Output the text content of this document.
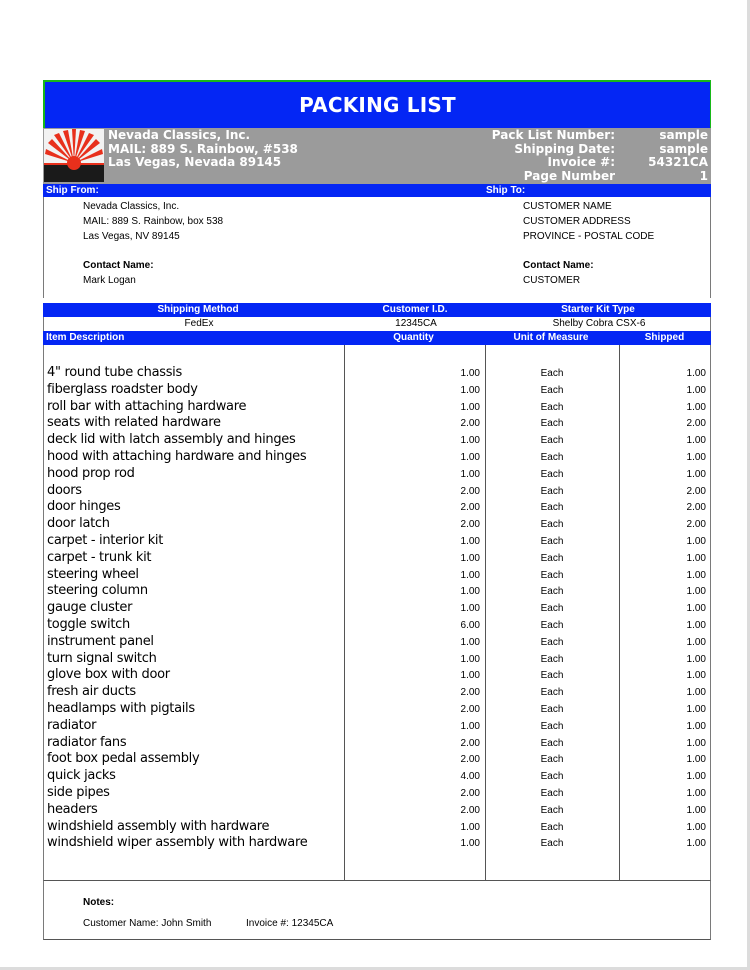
PACKING LIST
Nevada Classics, Inc.
MAIL: 889 S. Rainbow, #538
Las Vegas, Nevada 89145
Pack List Number:	sample
Shipping Date:	sample
Invoice #:	54321CA
Page Number	1
Ship From:	Ship To:
Nevada Classics, Inc.
MAIL: 889 S. Rainbow, box 538
Las Vegas, NV 89145
Contact Name:
Mark Logan
CUSTOMER NAME
CUSTOMER ADDRESS
PROVINCE - POSTAL CODE
Contact Name:
CUSTOMER
Shipping Method	Customer I.D.	Starter Kit Type
FedEx	12345CA	Shelby Cobra CSX-6
Item Description	Quantity	Unit of Measure	Shipped
4" round tube chassis	1.00	Each	1.00
fiberglass roadster body	1.00	Each	1.00
roll bar with attaching hardware	1.00	Each	1.00
seats with related hardware	2.00	Each	2.00
deck lid with latch assembly and hinges	1.00	Each	1.00
hood with attaching hardware and hinges	1.00	Each	1.00
hood prop rod	1.00	Each	1.00
doors	2.00	Each	2.00
door hinges	2.00	Each	2.00
door latch	2.00	Each	2.00
carpet - interior kit	1.00	Each	1.00
carpet - trunk kit	1.00	Each	1.00
steering wheel	1.00	Each	1.00
steering column	1.00	Each	1.00
gauge cluster	1.00	Each	1.00
toggle switch	6.00	Each	1.00
instrument panel	1.00	Each	1.00
turn signal switch	1.00	Each	1.00
glove box with door	1.00	Each	1.00
fresh air ducts	2.00	Each	1.00
headlamps with pigtails	2.00	Each	1.00
radiator	1.00	Each	1.00
radiator fans	2.00	Each	1.00
foot box pedal assembly	2.00	Each	1.00
quick jacks	4.00	Each	1.00
side pipes	2.00	Each	1.00
headers	2.00	Each	1.00
windshield assembly with hardware	1.00	Each	1.00
windshield wiper assembly with hardware	1.00	Each	1.00
Notes:
Customer Name: John Smith	Invoice #: 12345CA
